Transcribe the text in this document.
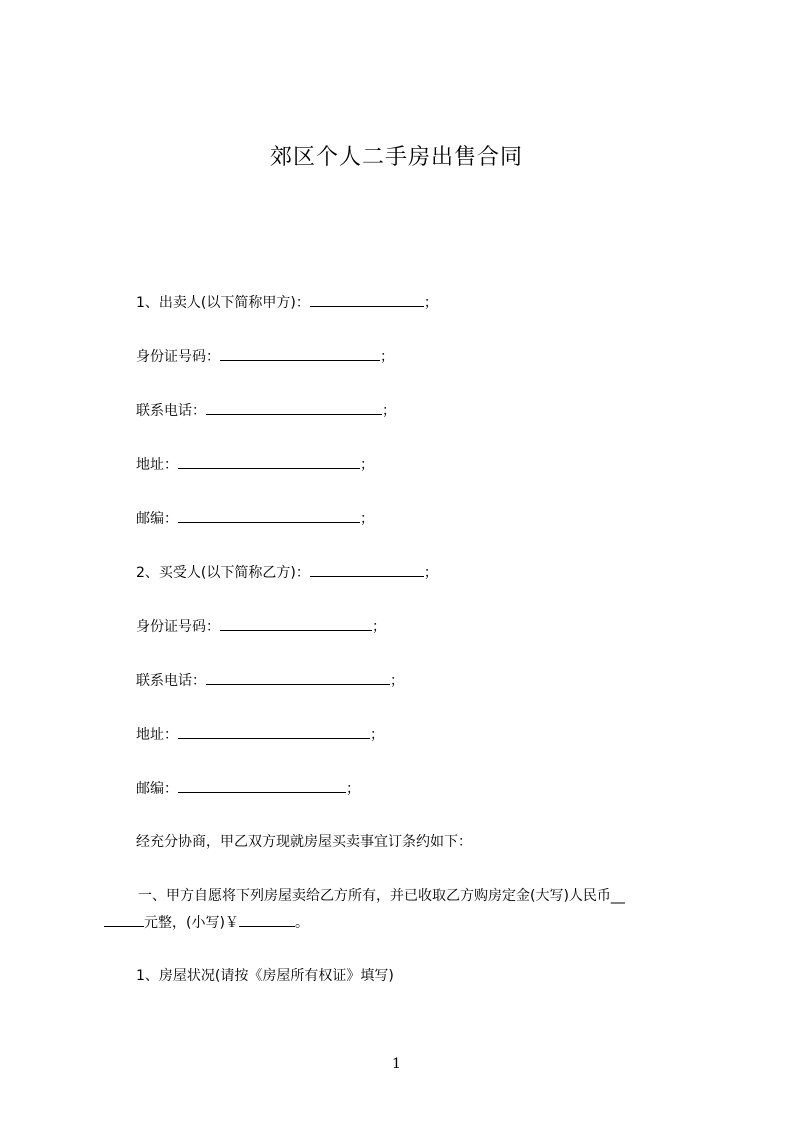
郊区个人二手房出售合同
1、出卖人(以下简称甲方)：	；
身份证号码：	；
联系电话：	；
地址：	；
邮编：	；
2、买受人(以下简称乙方)：	；
身份证号码：	；
联系电话：	；
地址：	；
邮编：	；
经充分协商，甲乙双方现就房屋买卖事宜订条约如下：
一、甲方自愿将下列房屋卖给乙方所有，并已收取乙方购房定金(大写)人民币__
元整，(小写)￥	。
1、房屋状况(请按《房屋所有权证》填写)
1
